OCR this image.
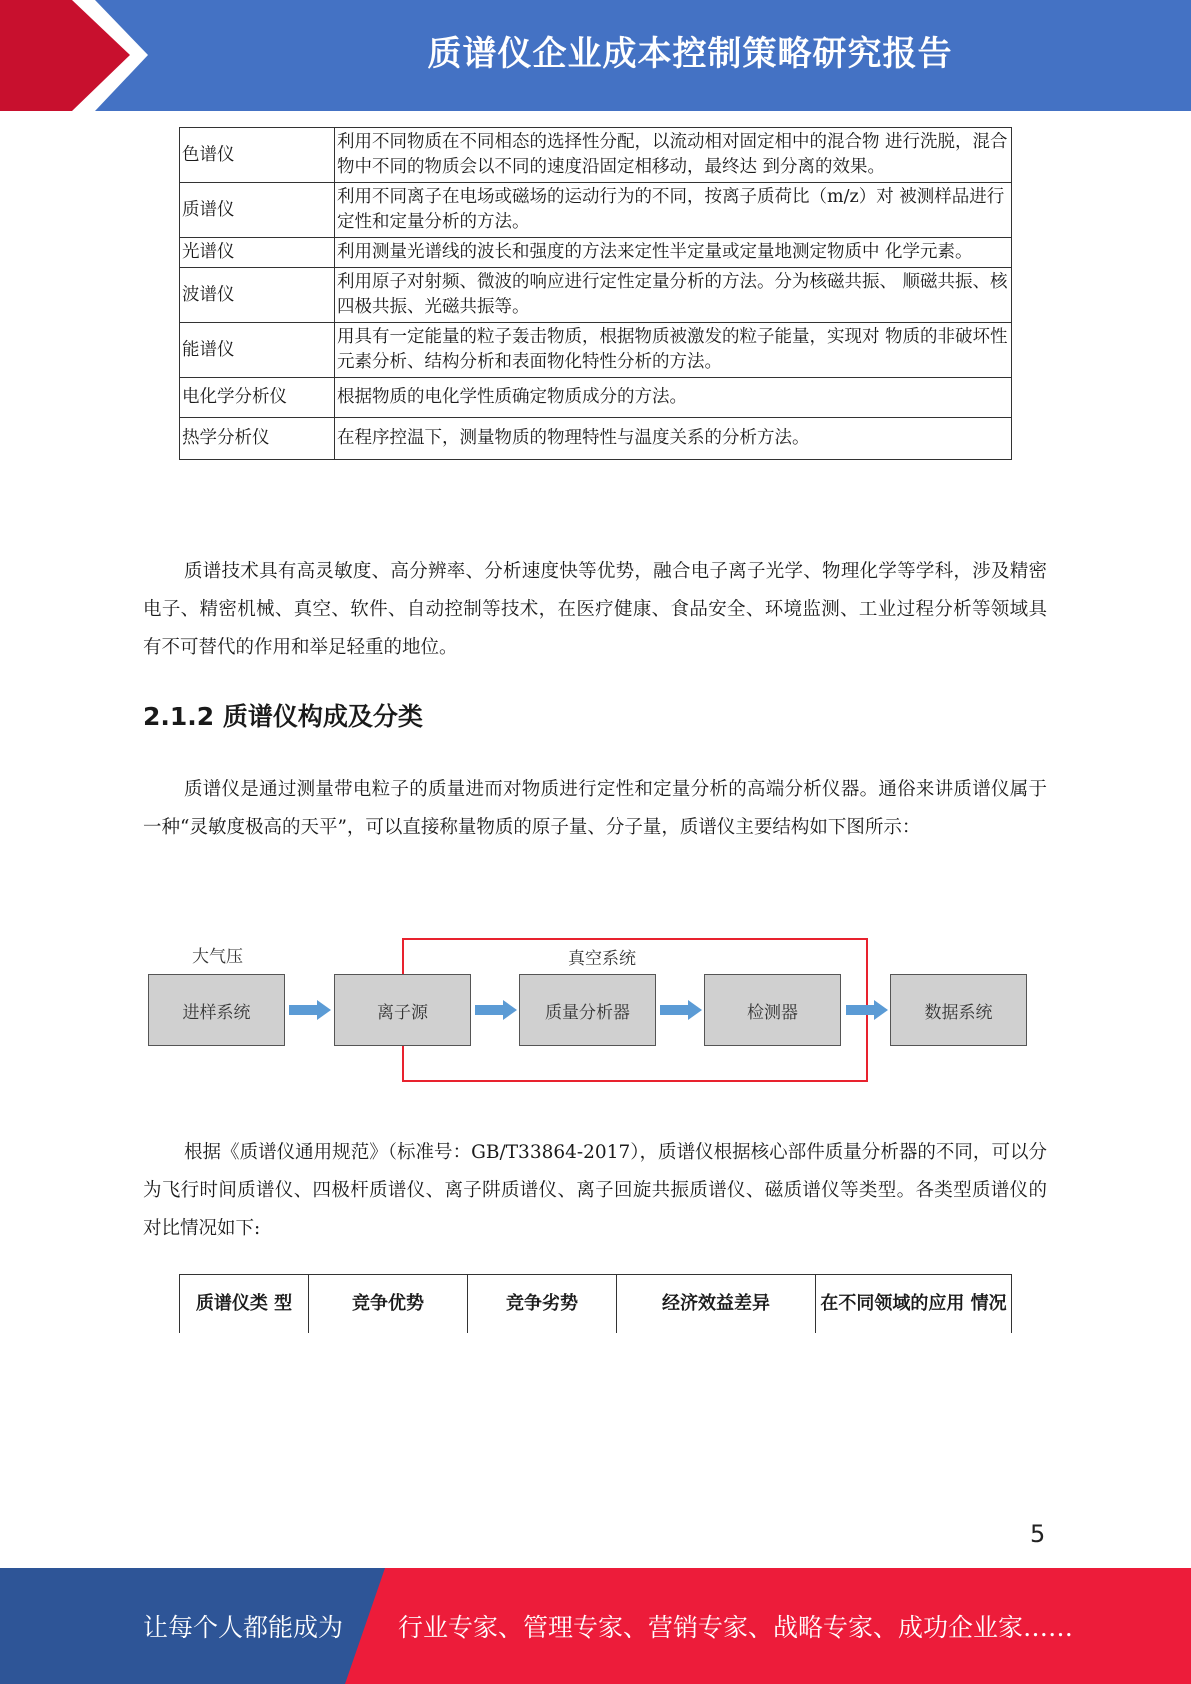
质谱仪企业成本控制策略研究报告
色谱仪	利用不同物质在不同相态的选择性分配，以流动相对固定相中的混合物 进行洗脱，混合物中不同的物质会以不同的速度沿固定相移动，最终达 到分离的效果。
质谱仪	利用不同离子在电场或磁场的运动行为的不同，按离子质荷比（m/z）对 被测样品进行定性和定量分析的方法。
光谱仪	利用测量光谱线的波长和强度的方法来定性半定量或定量地测定物质中 化学元素。
波谱仪	利用原子对射频、微波的响应进行定性定量分析的方法。分为核磁共振、 顺磁共振、核四极共振、光磁共振等。
能谱仪	用具有一定能量的粒子轰击物质，根据物质被激发的粒子能量，实现对 物质的非破坏性元素分析、结构分析和表面物化特性分析的方法。
电化学分析仪	根据物质的电化学性质确定物质成分的方法。
热学分析仪	在程序控温下，测量物质的物理特性与温度关系的分析方法。

质谱技术具有高灵敏度、高分辨率、分析速度快等优势，融合电子离子光学、物理化学等学科，涉及精密电子、精密机械、真空、软件、自动控制等技术，在医疗健康、食品安全、环境监测、工业过程分析等领域具有不可替代的作用和举足轻重的地位。

2.1.2 质谱仪构成及分类

质谱仪是通过测量带电粒子的质量进而对物质进行定性和定量分析的高端分析仪器。通俗来讲质谱仪属于一种“灵敏度极高的天平”，可以直接称量物质的原子量、分子量，质谱仪主要结构如下图所示：

大气压	真空系统
进样系统	离子源	质量分析器	检测器	数据系统

根据《质谱仪通用规范》（标准号：GB/T33864-2017），质谱仪根据核心部件质量分析器的不同，可以分为飞行时间质谱仪、四极杆质谱仪、离子阱质谱仪、离子回旋共振质谱仪、磁质谱仪等类型。各类型质谱仪的对比情况如下:

质谱仪类 型	竞争优势	竞争劣势	经济效益差异	在不同领域的应用 情况
5
让每个人都能成为 行业专家、管理专家、营销专家、战略专家、成功企业家……
